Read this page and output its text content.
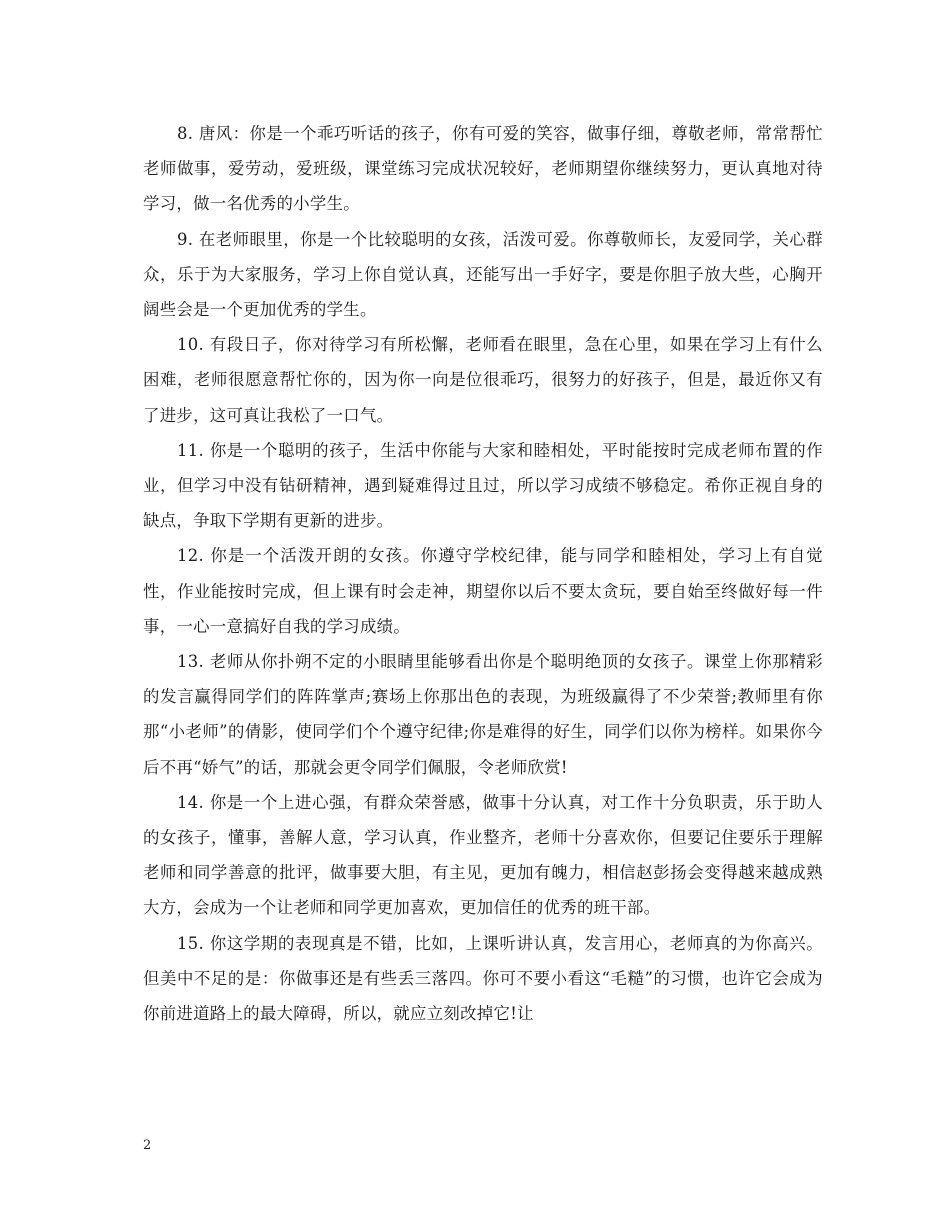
8. 唐风：你是一个乖巧听话的孩子，你有可爱的笑容，做事仔细，尊敬老师，常常帮忙老师做事，爱劳动，爱班级，课堂练习完成状况较好，老师期望你继续努力，更认真地对待学习，做一名优秀的小学生。

9. 在老师眼里，你是一个比较聪明的女孩，活泼可爱。你尊敬师长，友爱同学，关心群众，乐于为大家服务，学习上你自觉认真，还能写出一手好字，要是你胆子放大些，心胸开阔些会是一个更加优秀的学生。

10. 有段日子，你对待学习有所松懈，老师看在眼里，急在心里，如果在学习上有什么困难，老师很愿意帮忙你的，因为你一向是位很乖巧，很努力的好孩子，但是，最近你又有了进步，这可真让我松了一口气。

11. 你是一个聪明的孩子，生活中你能与大家和睦相处，平时能按时完成老师布置的作业，但学习中没有钻研精神，遇到疑难得过且过，所以学习成绩不够稳定。希你正视自身的缺点，争取下学期有更新的进步。

12. 你是一个活泼开朗的女孩。你遵守学校纪律，能与同学和睦相处，学习上有自觉性，作业能按时完成，但上课有时会走神，期望你以后不要太贪玩，要自始至终做好每一件事，一心一意搞好自我的学习成绩。

13. 老师从你扑朔不定的小眼睛里能够看出你是个聪明绝顶的女孩子。课堂上你那精彩的发言赢得同学们的阵阵掌声;赛场上你那出色的表现，为班级赢得了不少荣誉;教师里有你那“小老师”的倩影，使同学们个个遵守纪律;你是难得的好生，同学们以你为榜样。如果你今后不再“娇气”的话，那就会更令同学们佩服，令老师欣赏!

14. 你是一个上进心强，有群众荣誉感，做事十分认真，对工作十分负职责，乐于助人的女孩子，懂事，善解人意，学习认真，作业整齐，老师十分喜欢你，但要记住要乐于理解老师和同学善意的批评，做事要大胆，有主见，更加有魄力，相信赵彭扬会变得越来越成熟大方，会成为一个让老师和同学更加喜欢，更加信任的优秀的班干部。

15. 你这学期的表现真是不错，比如，上课听讲认真，发言用心，老师真的为你高兴。但美中不足的是：你做事还是有些丢三落四。你可不要小看这“毛糙”的习惯，也许它会成为你前进道路上的最大障碍，所以，就应立刻改掉它!让

2
